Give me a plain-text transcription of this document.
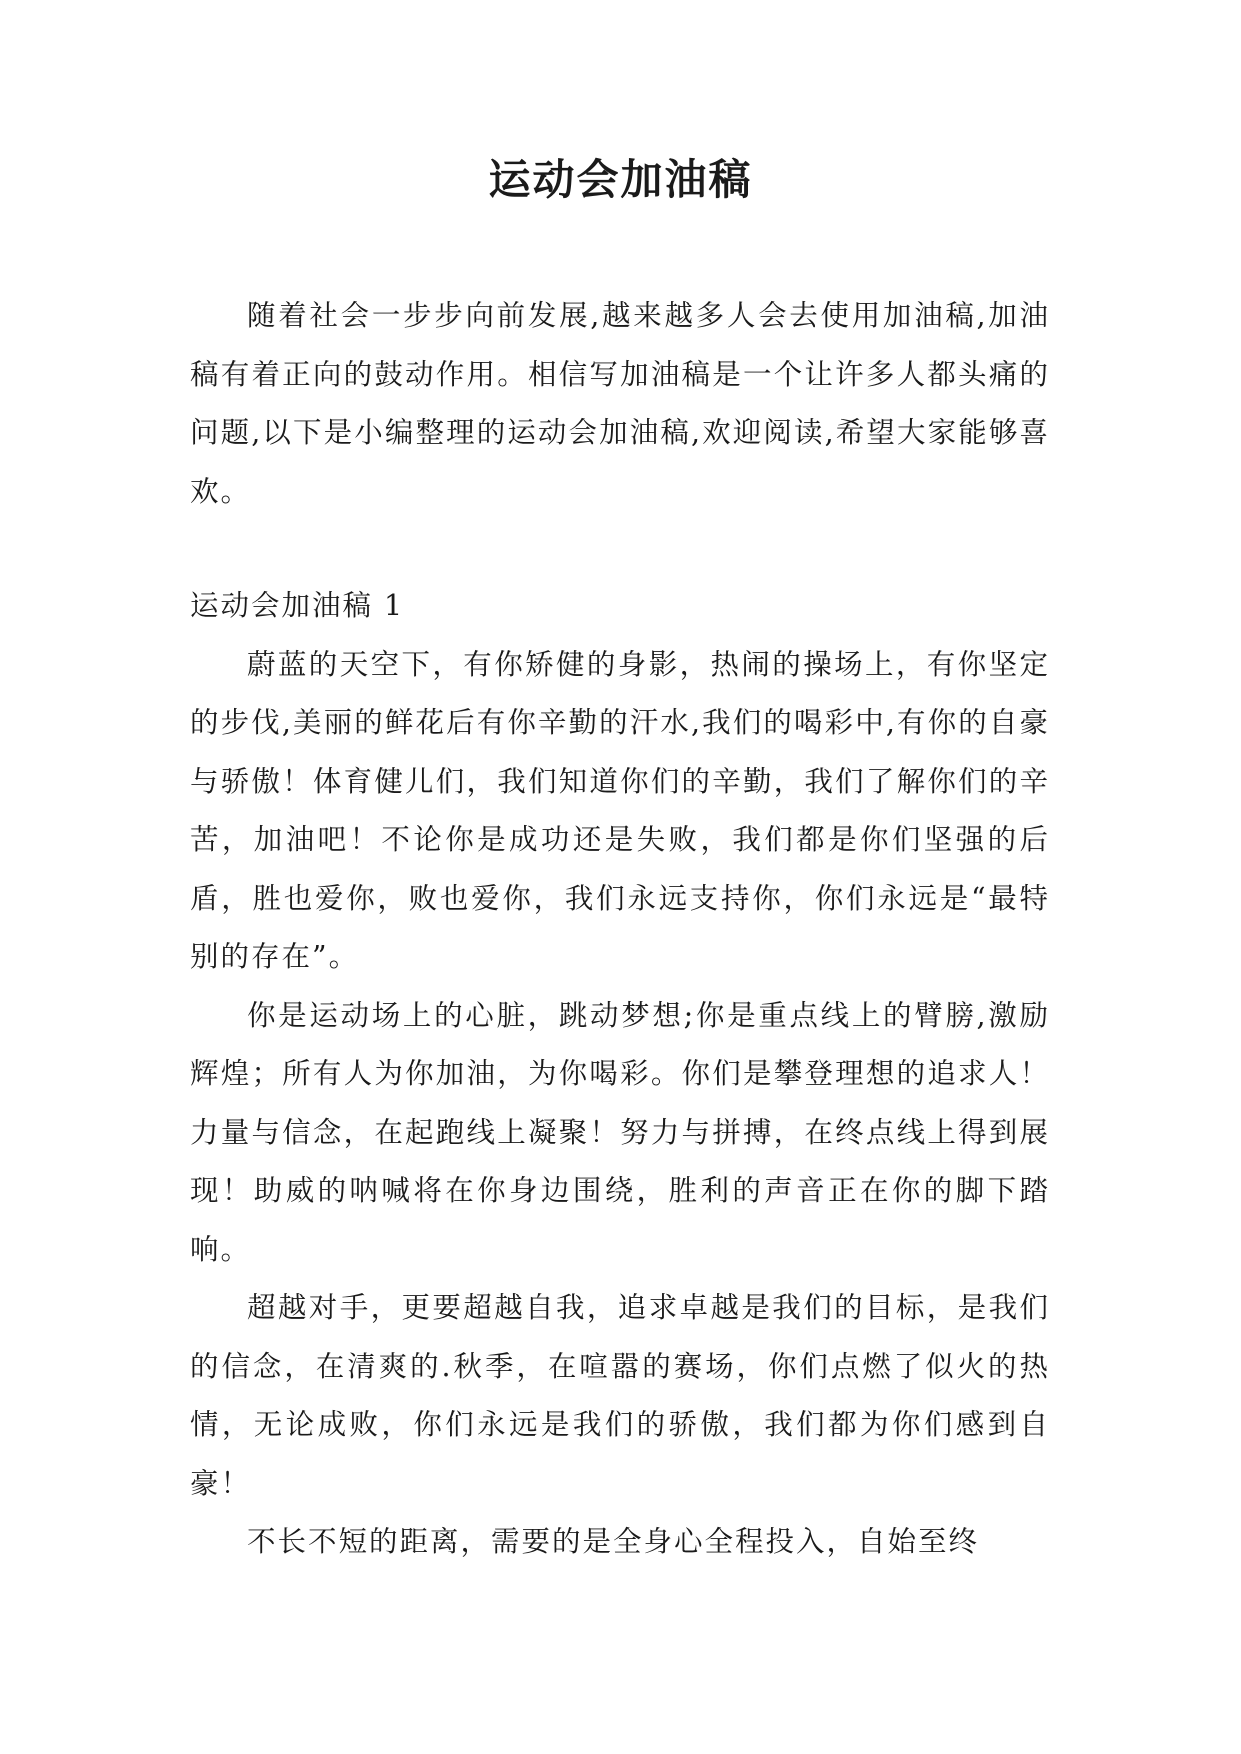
运动会加油稿

随着社会一步步向前发展,越来越多人会去使用加油稿,加油稿有着正向的鼓动作用。相信写加油稿是一个让许多人都头痛的问题,以下是小编整理的运动会加油稿,欢迎阅读,希望大家能够喜欢。

运动会加油稿 1

蔚蓝的天空下，有你矫健的身影，热闹的操场上，有你坚定的步伐,美丽的鲜花后有你辛勤的汗水,我们的喝彩中,有你的自豪与骄傲！体育健儿们，我们知道你们的辛勤，我们了解你们的辛苦，加油吧！不论你是成功还是失败，我们都是你们坚强的后盾，胜也爱你，败也爱你，我们永远支持你，你们永远是“最特别的存在”。

你是运动场上的心脏，跳动梦想;你是重点线上的臂膀,激励辉煌；所有人为你加油，为你喝彩。你们是攀登理想的追求人！力量与信念，在起跑线上凝聚！努力与拼搏，在终点线上得到展现！助威的呐喊将在你身边围绕，胜利的声音正在你的脚下踏响。

超越对手，更要超越自我，追求卓越是我们的目标，是我们的信念，在清爽的.秋季，在喧嚣的赛场，你们点燃了似火的热情，无论成败，你们永远是我们的骄傲，我们都为你们感到自豪！

不长不短的距离，需要的是全身心全程投入，自始至终
